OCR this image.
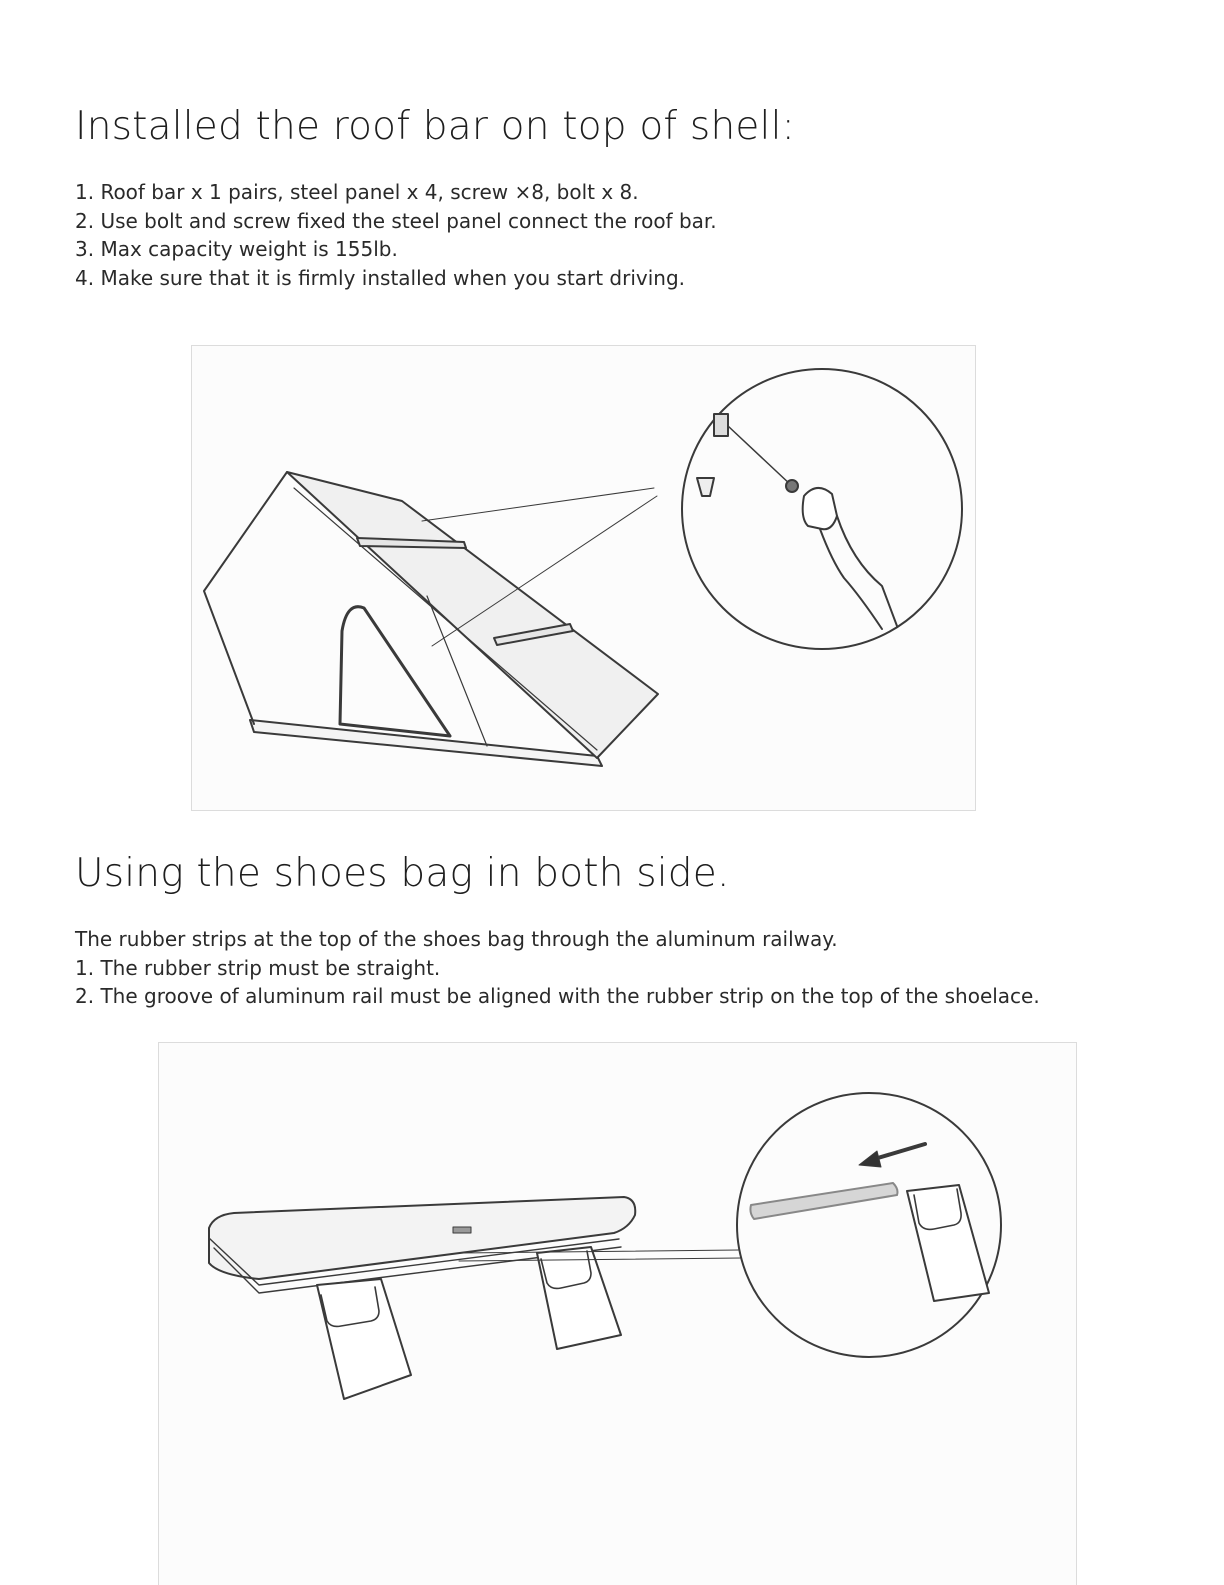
Installed the roof bar on top of shell:
1. Roof bar x 1 pairs, steel panel x 4, screw ×8, bolt x 8.
2. Use bolt and screw fixed the steel panel connect the roof bar.
3. Max capacity weight is 155lb.
4. Make sure that it is firmly installed when you start driving.
Using the shoes bag in both side.
The rubber strips at the top of the shoes bag through the aluminum railway.
1. The rubber strip must be straight.
2. The groove of aluminum rail must be aligned with the rubber strip on the top of the shoelace.
